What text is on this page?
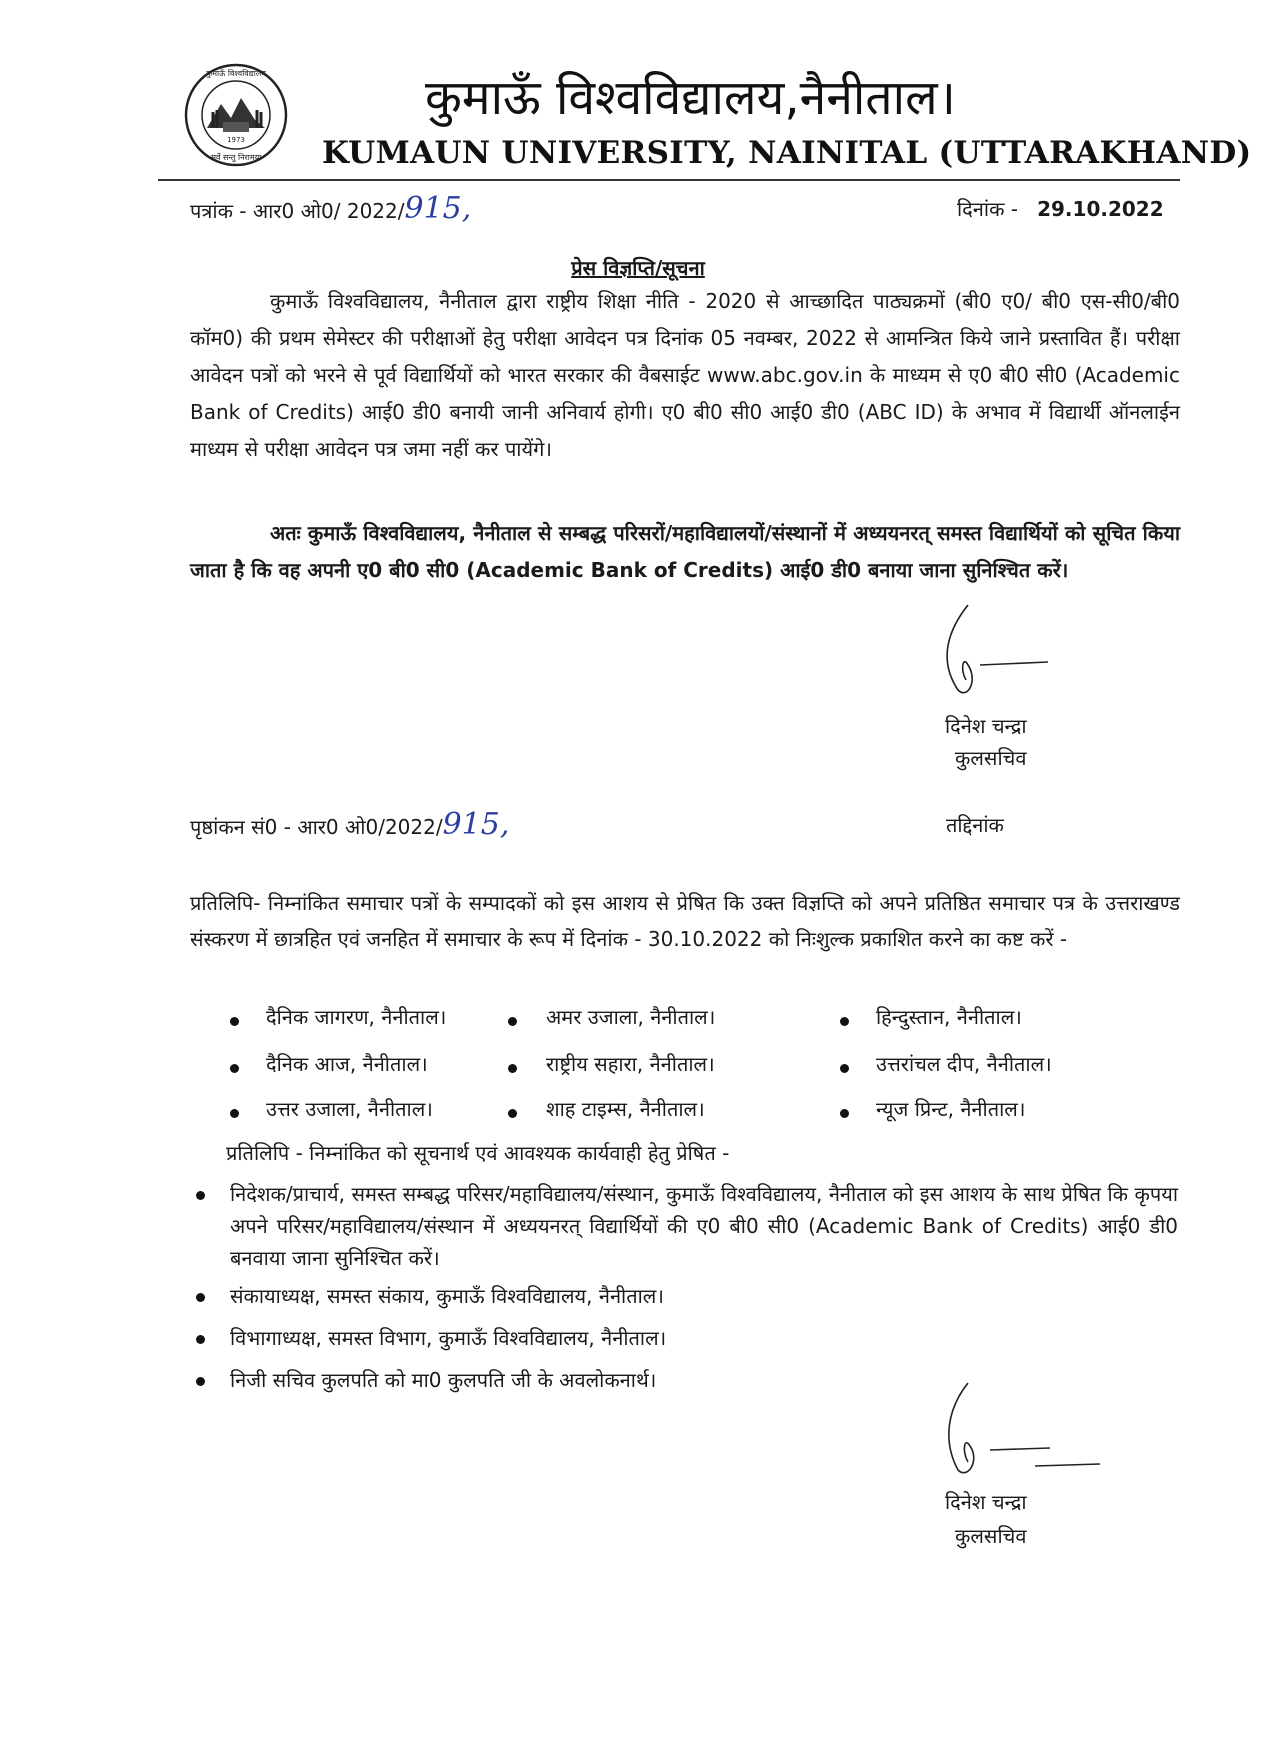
कुमाऊँ विश्वविद्यालय
सर्वे सन्तु निरामया
1973
कुमाऊँ विश्वविद्यालय,नैनीताल।
KUMAUN UNIVERSITY, NAINITAL (UTTARAKHAND)
पत्रांक - आर0 ओ0/ 2022/915,	दिनांक - 29.10.2022
प्रेस विज्ञप्ति/सूचना
कुमाऊँ विश्वविद्यालय, नैनीताल द्वारा राष्ट्रीय शिक्षा नीति - 2020 से आच्छादित पाठ्यक्रमों (बी0 ए0/ बी0 एस-सी0/बी0 कॉम0) की प्रथम सेमेस्टर की परीक्षाओं हेतु परीक्षा आवेदन पत्र दिनांक 05 नवम्बर, 2022 से आमन्त्रित किये जाने प्रस्तावित हैं। परीक्षा आवेदन पत्रों को भरने से पूर्व विद्यार्थियों को भारत सरकार की वैबसाईट www.abc.gov.in के माध्यम से ए0 बी0 सी0 (Academic Bank of Credits) आई0 डी0 बनायी जानी अनिवार्य होगी। ए0 बी0 सी0 आई0 डी0 (ABC ID) के अभाव में विद्यार्थी ऑनलाईन माध्यम से परीक्षा आवेदन पत्र जमा नहीं कर पायेंगे।
अतः कुमाऊँ विश्वविद्यालय, नैनीताल से सम्बद्ध परिसरों/महाविद्यालयों/संस्थानों में अध्ययनरत् समस्त विद्यार्थियों को सूचित किया जाता है कि वह अपनी ए0 बी0 सी0 (Academic Bank of Credits) आई0 डी0 बनाया जाना सुनिश्चित करें।
दिनेश चन्द्रा
कुलसचिव
पृष्ठांकन सं0 - आर0 ओ0/2022/915,	तद्दिनांक
प्रतिलिपि- निम्नांकित समाचार पत्रों के सम्पादकों को इस आशय से प्रेषित कि उक्त विज्ञप्ति को अपने प्रतिष्ठित समाचार पत्र के उत्तराखण्ड संस्करण में छात्रहित एवं जनहित में समाचार के रूप में दिनांक - 30.10.2022 को निःशुल्क प्रकाशित करने का कष्ट करें -
दैनिक जागरण, नैनीताल।	अमर उजाला, नैनीताल।	हिन्दुस्तान, नैनीताल।
दैनिक आज, नैनीताल।	राष्ट्रीय सहारा, नैनीताल।	उत्तरांचल दीप, नैनीताल।
उत्तर उजाला, नैनीताल।	शाह टाइम्स, नैनीताल।	न्यूज प्रिन्ट, नैनीताल।
प्रतिलिपि - निम्नांकित को सूचनार्थ एवं आवश्यक कार्यवाही हेतु प्रेषित -
निदेशक/प्राचार्य, समस्त सम्बद्ध परिसर/महाविद्यालय/संस्थान, कुमाऊँ विश्वविद्यालय, नैनीताल को इस आशय के साथ प्रेषित कि कृपया अपने परिसर/महाविद्यालय/संस्थान में अध्ययनरत् विद्यार्थियों की ए0 बी0 सी0 (Academic Bank of Credits) आई0 डी0 बनवाया जाना सुनिश्चित करें।
संकायाध्यक्ष, समस्त संकाय, कुमाऊँ विश्वविद्यालय, नैनीताल।
विभागाध्यक्ष, समस्त विभाग, कुमाऊँ विश्वविद्यालय, नैनीताल।
निजी सचिव कुलपति को मा0 कुलपति जी के अवलोकनार्थ।
दिनेश चन्द्रा
कुलसचिव
